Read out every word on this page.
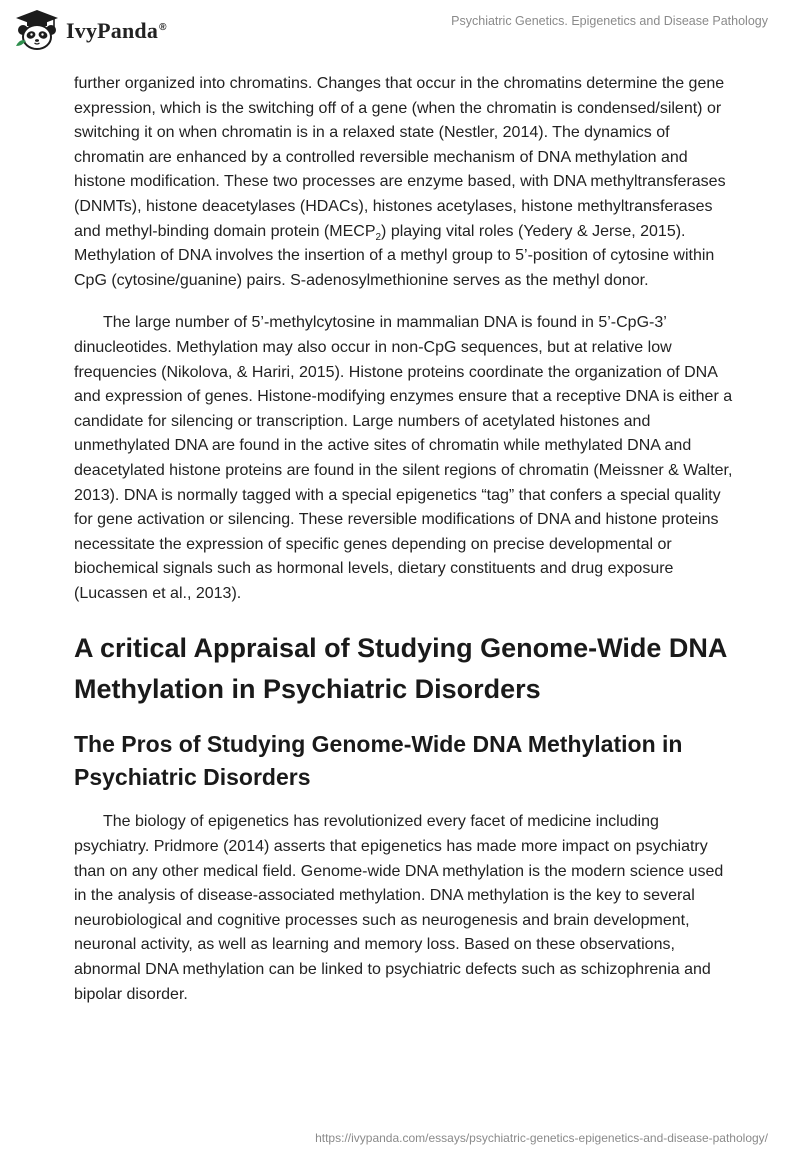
IvyPanda®	Psychiatric Genetics. Epigenetics and Disease Pathology

further organized into chromatins. Changes that occur in the chromatins determine the gene expression, which is the switching off of a gene (when the chromatin is condensed/silent) or switching it on when chromatin is in a relaxed state (Nestler, 2014). The dynamics of chromatin are enhanced by a controlled reversible mechanism of DNA methylation and histone modification. These two processes are enzyme based, with DNA methyltransferases (DNMTs), histone deacetylases (HDACs), histones acetylases, histone methyltransferases and methyl-binding domain protein $(MECP_2)$ playing vital roles (Yedery & Jerse, 2015). Methylation of DNA involves the insertion of a methyl group to 5’-position of cytosine within CpG (cytosine/guanine) pairs. S-adenosylmethionine serves as the methyl donor.

The large number of 5’-methylcytosine in mammalian DNA is found in 5’-CpG-3’ dinucleotides. Methylation may also occur in non-CpG sequences, but at relative low frequencies (Nikolova, & Hariri, 2015). Histone proteins coordinate the organization of DNA and expression of genes. Histone-modifying enzymes ensure that a receptive DNA is either a candidate for silencing or transcription. Large numbers of acetylated histones and unmethylated DNA are found in the active sites of chromatin while methylated DNA and deacetylated histone proteins are found in the silent regions of chromatin (Meissner & Walter, 2013). DNA is normally tagged with a special epigenetics “tag” that confers a special quality for gene activation or silencing. These reversible modifications of DNA and histone proteins necessitate the expression of specific genes depending on precise developmental or biochemical signals such as hormonal levels, dietary constituents and drug exposure (Lucassen et al., 2013).

A critical Appraisal of Studying Genome-Wide DNA Methylation in Psychiatric Disorders
The Pros of Studying Genome-Wide DNA Methylation in Psychiatric Disorders

The biology of epigenetics has revolutionized every facet of medicine including psychiatry. Pridmore (2014) asserts that epigenetics has made more impact on psychiatry than on any other medical field. Genome-wide DNA methylation is the modern science used in the analysis of disease-associated methylation. DNA methylation is the key to several neurobiological and cognitive processes such as neurogenesis and brain development, neuronal activity, as well as learning and memory loss. Based on these observations, abnormal DNA methylation can be linked to psychiatric defects such as schizophrenia and bipolar disorder.

https://ivypanda.com/essays/psychiatric-genetics-epigenetics-and-disease-pathology/
